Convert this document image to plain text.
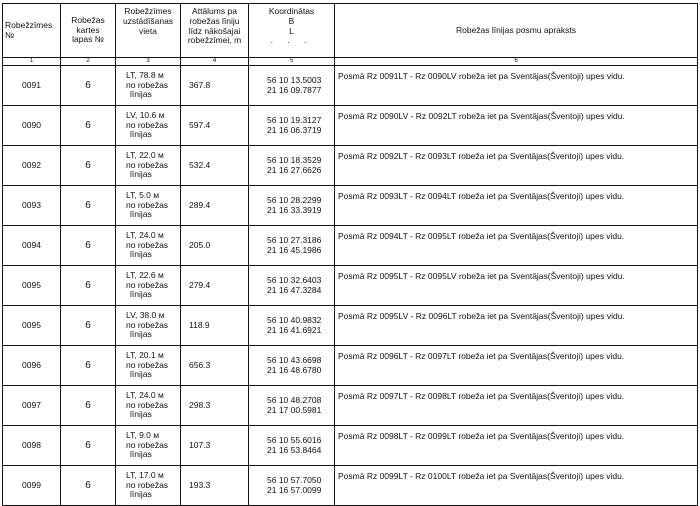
Robežzīmes №	Robežas
kartes
lapas №	Robežzīmes
uzstādīšanas
vieta	Attālums pa
robežas līniju
līdz nākošajai
robežzīmei, m	Koordinātas
B
L
. . .	Robežas līnijas posmu apraksts
1	2	3	4	5	6

0091	6	LT, 78.8 м
no robežas
līnijas	367.8	56 10 13.5003
21 16 09.7877	Posmā Rz 0091LT - Rz 0090LV robeža iet pa Sventājas(Šventoji) upes vidu.

0090	6	LV, 10.6 м
no robežas
līnijas	597.4	56 10 19.3127
21 16 06.3719	Posmā Rz 0090LV - Rz 0092LT robeža iet pa Sventājas(Šventoji) upes vidu.

0092	6	LT, 22.0 м
no robežas
līnijas	532.4	56 10 18.3529
21 16 27.6626	Posmā Rz 0092LT - Rz 0093LT robeža iet pa Sventājas(Šventoji) upes vidu.

0093	6	LT, 5.0 м
no robežas
līnijas	289.4	56 10 28.2299
21 16 33.3919	Posmā Rz 0093LT - Rz 0094LT robeža iet pa Sventājas(Šventoji) upes vidu.

0094	6	LT, 24.0 м
no robežas
līnijas	205.0	56 10 27.3186
21 16 45.1986	Posmā Rz 0094LT - Rz 0095LT robeža iet pa Sventājas(Šventoji) upes vidu.

0095	6	LT, 22.6 м
no robežas
līnijas	279.4	56 10 32.6403
21 16 47.3284	Posmā Rz 0095LT - Rz 0095LV robeža iet pa Sventājas(Šventoji) upes vidu.

0095	6	LV, 38.0 м
no robežas
līnijas	118.9	56 10 40.9832
21 16 41.6921	Posmā Rz 0095LV - Rz 0096LT robeža iet pa Sventājas(Šventoji) upes vidu.

0096	6	LT, 20.1 м
no robežas
līnijas	656.3	56 10 43.6698
21 16 48.6780	Posmā Rz 0096LT - Rz 0097LT robeža iet pa Sventājas(Šventoji) upes vidu.

0097	6	LT, 24.0 м
no robežas
līnijas	298.3	56 10 48.2708
21 17 00.5981	Posmā Rz 0097LT - Rz 0098LT robeža iet pa Sventājas(Šventoji) upes vidu.

0098	6	LT, 9.0 м
no robežas
līnijas	107.3	56 10 55.6016
21 16 53.8464	Posmā Rz 0098LT - Rz 0099LT robeža iet pa Sventājas(Šventoji) upes vidu.

0099	6	LT, 17.0 м
no robežas
līnijas	193.3	56 10 57.7050
21 16 57.0099	Posmā Rz 0099LT - Rz 0100LT robeža iet pa Sventājas(Šventoji) upes vidu.
